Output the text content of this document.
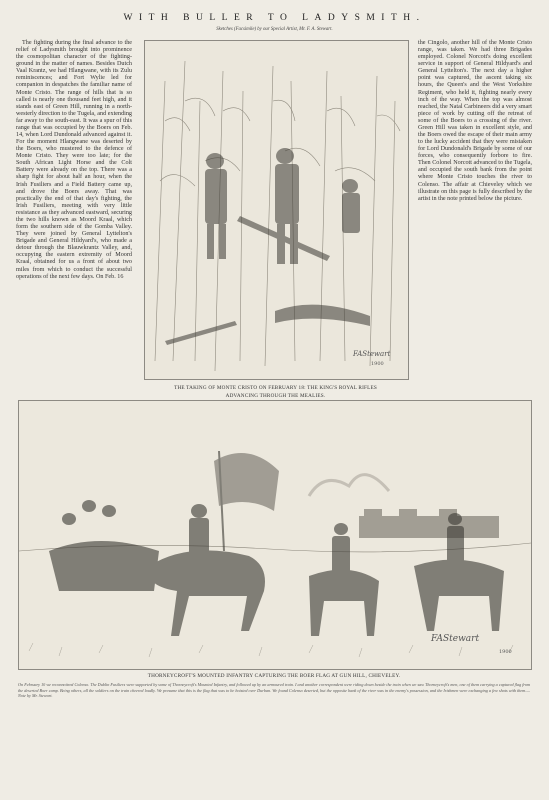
WITH BULLER TO LADYSMITH.
Sketches (Facsimile) by our Special Artist, Mr. F. A. Stewart.
The fighting during the final advance to the relief of Ladysmith brought into prominence the cosmopolitan character of the fighting-ground in the matter of names. Besides Dutch Vaal Krantz, we had Hlangwane, with its Zulu reminiscences; and Fort Wylie led for companion in despatches the familiar name of Monte Cristo. The range of hills that is so called is nearly one thousand feet high, and it stands east of Green Hill, running in a north-westerly direction to the Tugela, and extending far away to the south-east. It was a spur of this range that was occupied by the Boers on Feb. 14, when Lord Dundonald advanced against it. For the moment Hlangwane was deserted by the Boers, who mustered to the defence of Monte Cristo. They were too late; for the South African Light Horse and the Colt Battery were already on the top. There was a sharp fight for about half an hour, when the Irish Fusiliers and a Field Battery came up, and drove the Boers away. That was practically the end of that day's fighting, the Irish Fusiliers, meeting with very little resistance as they advanced eastward, securing the two hills known as Moord Kraal, which form the southern side of the Gomba Valley. They were joined by General Lyttelton's Brigade and General Hildyard's, who made a detour through the Blauwkrantz Valley, and, occupying the eastern extremity of Moord Kraal, obtained for us a front of about two miles from which to conduct the successful operations of the next few days. On Feb. 16
FAStewart
1900
THE TAKING OF MONTE CRISTO ON FEBRUARY 18: THE KING'S ROYAL RIFLES
ADVANCING THROUGH THE MEALIES.
the Cingolo, another hill of the Monte Cristo range, was taken. We had three Brigades employed. Colonel Norcott's doing excellent service in support of General Hildyard's and General Lyttelton's. The next day a higher point was captured, the ascent taking six hours, the Queen's and the West Yorkshire Regiment, who held it, fighting nearly every inch of the way. When the top was almost reached, the Natal Carbineers did a very smart piece of work by cutting off the retreat of some of the Boers to a crossing of the river. Green Hill was taken in excellent style, and the Boers owed the escape of their main army to the lucky accident that they were mistaken for Lord Dundonald's Brigade by some of our forces, who consequently forbore to fire. Then Colonel Norcott advanced to the Tugela, and occupied the south bank from the point where Monte Cristo touches the river to Colenso. The affair at Chieveley which we illustrate on this page is fully described by the artist in the note printed below the picture.
FAStewart
1900
THORNEYCROFT'S MOUNTED INFANTRY CAPTURING THE BOER FLAG AT GUN HILL, CHIEVELEY.
On February 10 we reconnoitred Colenso. The Dublin Fusiliers were supported by some of Thorneycroft's Mounted Infantry, and followed up by an armoured train. I and another correspondent were riding down beside the train when we saw Thorneycroft's men, one of them carrying a captured flag from the deserted Boer camp. Being others, all the soldiers on the train cheered loudly. We presume that this is the flag that was to be hoisted over Durban. We found Colenso deserted, but the opposite bank of the river was in the enemy's possession, and the Irishmen were exchanging a few shots with them.—Note by Mr. Stewart.
